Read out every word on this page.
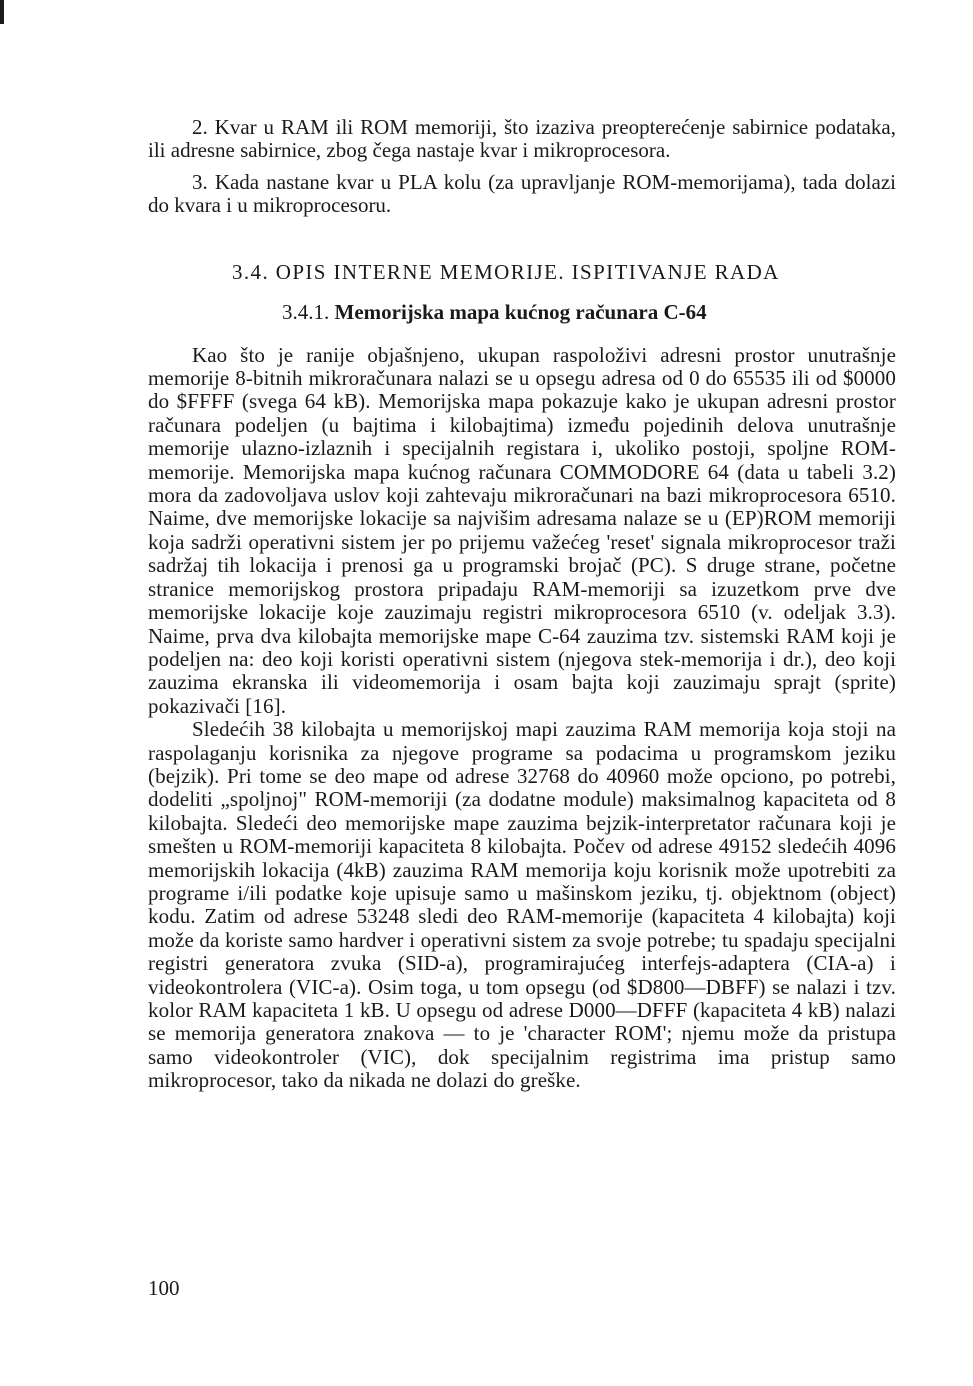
2. Kvar u RAM ili ROM memoriji, što izaziva preopterećenje sabirnice podataka, ili adresne sabirnice, zbog čega nastaje kvar i mikroprocesora.

3. Kada nastane kvar u PLA kolu (za upravljanje ROM-memorijama), tada dolazi do kvara i u mikroprocesoru.

3.4. OPIS INTERNE MEMORIJE. ISPITIVANJE RADA
3.4.1. Memorijska mapa kućnog računara C-64

Kao što je ranije objašnjeno, ukupan raspoloživi adresni prostor unutrašnje memorije 8-bitnih mikroračunara nalazi se u opsegu adresa od 0 do 65535 ili od $0000 do $FFFF (svega 64 kB). Memorijska mapa pokazuje kako je ukupan adresni prostor računara podeljen (u bajtima i kilobajtima) između pojedinih delova unutrašnje memorije ulazno-izlaznih i specijalnih registara i, ukoliko postoji, spoljne ROM-memorije. Memorijska mapa kućnog računara COMMODORE 64 (data u tabeli 3.2) mora da zadovoljava uslov koji zahtevaju mikroračunari na bazi mikroprocesora 6510. Naime, dve memorijske lokacije sa najvišim adresama nalaze se u (EP)ROM memoriji koja sadrži operativni sistem jer po prijemu važećeg 'reset' signala mikroprocesor traži sadržaj tih lokacija i prenosi ga u programski brojač (PC). S druge strane, početne stranice memorijskog prostora pripadaju RAM-memoriji sa izuzetkom prve dve memorijske lokacije koje zauzimaju registri mikroprocesora 6510 (v. odeljak 3.3). Naime, prva dva kilobajta memorijske mape C-64 zauzima tzv. sistemski RAM koji je podeljen na: deo koji koristi operativni sistem (njegova stek-memorija i dr.), deo koji zauzima ekranska ili videomemorija i osam bajta koji zauzimaju sprajt (sprite) pokazivači [16].

Sledećih 38 kilobajta u memorijskoj mapi zauzima RAM memorija koja stoji na raspolaganju korisnika za njegove programe sa podacima u programskom jeziku (bejzik). Pri tome se deo mape od adrese 32768 do 40960 može opciono, po potrebi, dodeliti „spoljnoj" ROM-memoriji (za dodatne module) maksimalnog kapaciteta od 8 kilobajta. Sledeći deo memorijske mape zauzima bejzik-interpretator računara koji je smešten u ROM-memoriji kapaciteta 8 kilobajta. Počev od adrese 49152 sledećih 4096 memorijskih lokacija (4kB) zauzima RAM memorija koju korisnik može upotrebiti za programe i/ili podatke koje upisuje samo u mašinskom jeziku, tj. objektnom (object) kodu. Zatim od adrese 53248 sledi deo RAM-memorije (kapaciteta 4 kilobajta) koji može da koriste samo hardver i operativni sistem za svoje potrebe; tu spadaju specijalni registri generatora zvuka (SID-a), programirajućeg interfejs-adaptera (CIA-a) i videokontrolera (VIC-a). Osim toga, u tom opsegu (od $D800—DBFF) se nalazi i tzv. kolor RAM kapaciteta 1 kB. U opsegu od adrese D000—DFFF (kapaciteta 4 kB) nalazi se memorija generatora znakova — to je 'character ROM'; njemu može da pristupa samo videokontroler (VIC), dok specijalnim registrima ima pristup samo mikroprocesor, tako da nikada ne dolazi do greške.

100
